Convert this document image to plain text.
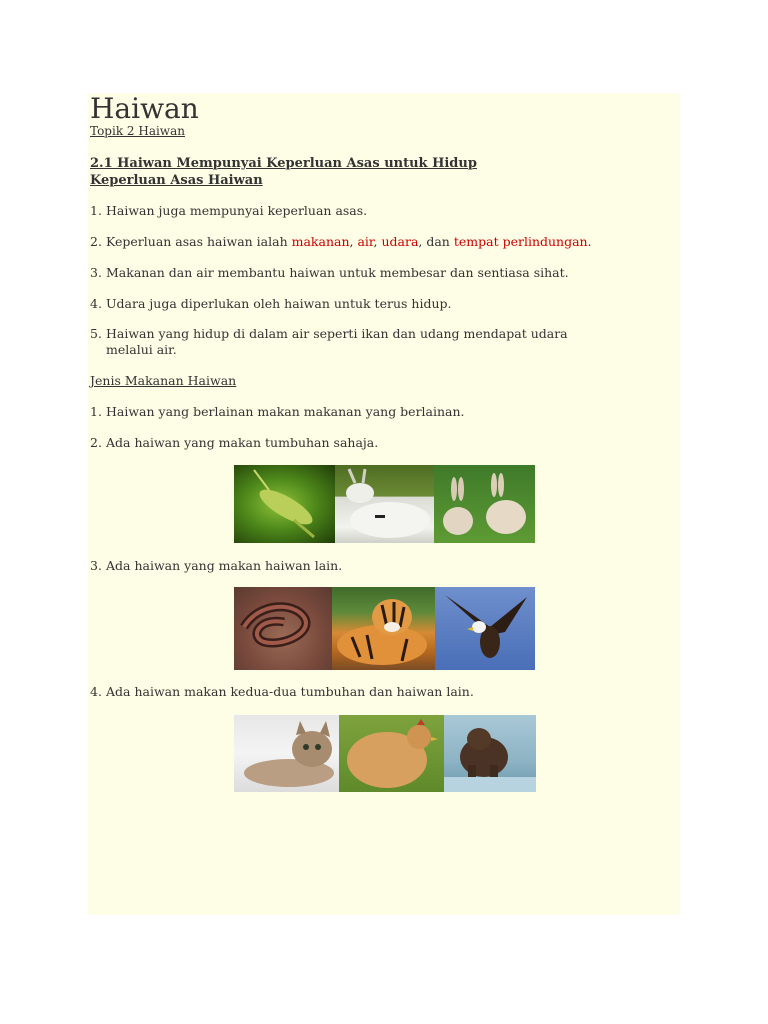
Haiwan
Topik 2 Haiwan
2.1 Haiwan Mempunyai Keperluan Asas untuk Hidup
Keperluan Asas Haiwan
1. Haiwan juga mempunyai keperluan asas.
2. Keperluan asas haiwan ialah makanan, air, udara, dan tempat perlindungan.
3. Makanan dan air membantu haiwan untuk membesar dan sentiasa sihat.
4. Udara juga diperlukan oleh haiwan untuk terus hidup.
5. Haiwan yang hidup di dalam air seperti ikan dan udang mendapat udara
melalui air.
Jenis Makanan Haiwan
1. Haiwan yang berlainan makan makanan yang berlainan.
2. Ada haiwan yang makan tumbuhan sahaja.
3. Ada haiwan yang makan haiwan lain.
4. Ada haiwan makan kedua-dua tumbuhan dan haiwan lain.
